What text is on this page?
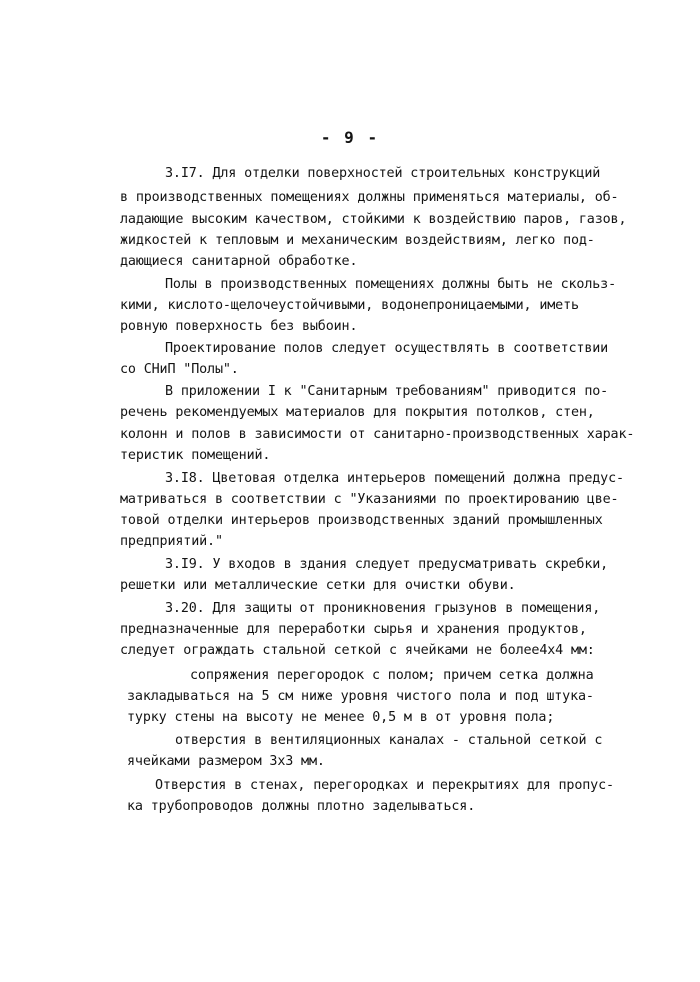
- 9 -
3.I7. Для отделки поверхностей строительных конструкций
в производственных помещениях должны применяться материалы, об-
ладающие высоким качеством, стойкими к воздействию паров, газов,
жидкостей к тепловым и механическим воздействиям, легко под-
дающиеся санитарной обработке.
Полы в производственных помещениях должны быть не скольз-
кими, кислото-щелочеустойчивыми, водонепроницаемыми, иметь
ровную поверхность без выбоин.
Проектирование полов следует осуществлять в соответствии
со СНиП "Полы".
В приложении I к "Санитарным требованиям" приводится по-
речень рекомендуемых материалов для покрытия потолков, стен,
колонн и полов в зависимости от санитарно-производственных харак-
теристик помещений.
3.I8. Цветовая отделка интерьеров помещений должна предус-
матриваться в соответствии с "Указаниями по проектированию цве-
товой отделки интерьеров производственных зданий промышленных
предприятий."
3.I9. У входов в здания следует предусматривать скребки,
решетки или металлические сетки для очистки обуви.
3.20. Для защиты от проникновения грызунов в помещения,
предназначенные для переработки сырья и хранения продуктов,
следует ограждать стальной сеткой с ячейками не более4х4 мм:
сопряжения перегородок с полом; причем сетка должна
закладываться на 5 см ниже уровня чистого пола и под штука-
турку стены на высоту не менее 0,5 м в от уровня пола;
отверстия в вентиляционных каналах - стальной сеткой с
ячейками размером 3х3 мм.
Отверстия в стенах, перегородках и перекрытиях для пропус-
ка трубопроводов должны плотно заделываться.
